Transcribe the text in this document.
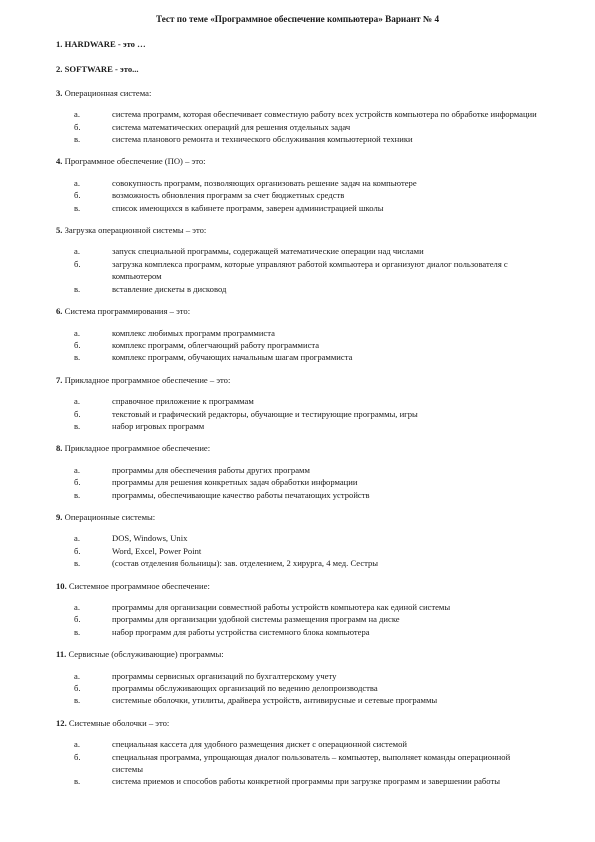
Тест по теме «Программное обеспечение компьютера» Вариант № 4
1. HARDWARE - это …
2. SOFTWARE - это...
3. Операционная система:
а.	система программ, которая обеспечивает совместную работу всех устройств компьютера по обработке информации
б.	система математических операций для решения отдельных задач
в.	система планового ремонта и технического обслуживания компьютерной техники
4. Программное обеспечение (ПО) – это:
а.	совокупность программ, позволяющих организовать решение задач на компьютере
б.	возможность обновления программ за счет бюджетных средств
в.	список имеющихся в кабинете программ, заверен администрацией школы
5. Загрузка операционной системы – это:
а.	запуск специальной программы, содержащей математические операции над числами
б.	загрузка комплекса программ, которые управляют работой компьютера и организуют диалог пользователя с компьютером
в.	вставление дискеты в дисковод
6. Система программирования – это:
а.	комплекс любимых программ программиста
б.	комплекс программ, облегчающий работу программиста
в.	комплекс программ, обучающих начальным шагам программиста
7. Прикладное программное обеспечение – это:
а.	справочное приложение к программам
б.	текстовый и графический редакторы, обучающие и тестирующие программы, игры
в.	набор игровых программ
8. Прикладное программное обеспечение:
а.	программы для обеспечения работы других программ
б.	программы для решения конкретных задач обработки информации
в.	программы, обеспечивающие качество работы печатающих устройств
9. Операционные системы:
а.	DOS, Windows, Unix
б.	Word, Excel, Power Point
в.	(состав отделения больницы): зав. отделением, 2 хирурга, 4 мед. Сестры
10. Системное программное обеспечение:
а.	программы для организации совместной работы устройств компьютера как единой системы
б.	программы для организации удобной системы размещения программ на диске
в.	набор программ для работы устройства системного блока компьютера
11. Сервисные (обслуживающие) программы:
а.	программы сервисных организаций по бухгалтерскому учету
б.	программы обслуживающих организаций по ведению делопроизводства
в.	системные оболочки, утилиты, драйвера устройств, антивирусные и сетевые программы
12. Системные оболочки – это:
а.	специальная кассета для удобного размещения дискет с операционной системой
б.	специальная программа, упрощающая диалог пользователь – компьютер, выполняет команды операционной системы
в.	система приемов и способов работы конкретной программы при загрузке программ и завершении работы
